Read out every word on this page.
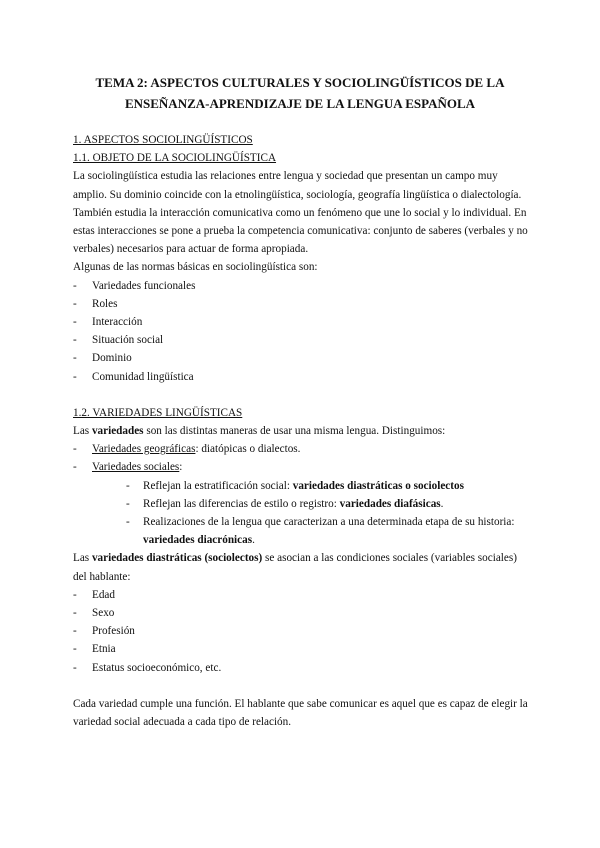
TEMA 2: ASPECTOS CULTURALES Y SOCIOLINGÜÍSTICOS DE LA ENSEÑANZA-APRENDIZAJE DE LA LENGUA ESPAÑOLA

1. ASPECTOS SOCIOLINGÜÍSTICOS

1.1. OBJETO DE LA SOCIOLINGÜÍSTICA

La sociolingüística estudia las relaciones entre lengua y sociedad que presentan un campo muy amplio. Su dominio coincide con la etnolingüística, sociología, geografía lingüística o dialectología.

También estudia la interacción comunicativa como un fenómeno que une lo social y lo individual. En estas interacciones se pone a prueba la competencia comunicativa: conjunto de saberes (verbales y no verbales) necesarios para actuar de forma apropiada.

Algunas de las normas básicas en sociolingüística son:

- Variedades funcionales
- Roles
- Interacción
- Situación social
- Dominio
- Comunidad lingüística

1.2. VARIEDADES LINGÜÍSTICAS

Las variedades son las distintas maneras de usar una misma lengua. Distinguimos:

- Variedades geográficas: diatópicas o dialectos.
- Variedades sociales:
- Reflejan la estratificación social: variedades diastráticas o sociolectos
- Reflejan las diferencias de estilo o registro: variedades diafásicas.
- Realizaciones de la lengua que caracterizan a una determinada etapa de su historia: variedades diacrónicas.

Las variedades diastráticas (sociolectos) se asocian a las condiciones sociales (variables sociales) del hablante:

- Edad
- Sexo
- Profesión
- Etnia
- Estatus socioeconómico, etc.

Cada variedad cumple una función. El hablante que sabe comunicar es aquel que es capaz de elegir la variedad social adecuada a cada tipo de relación.
